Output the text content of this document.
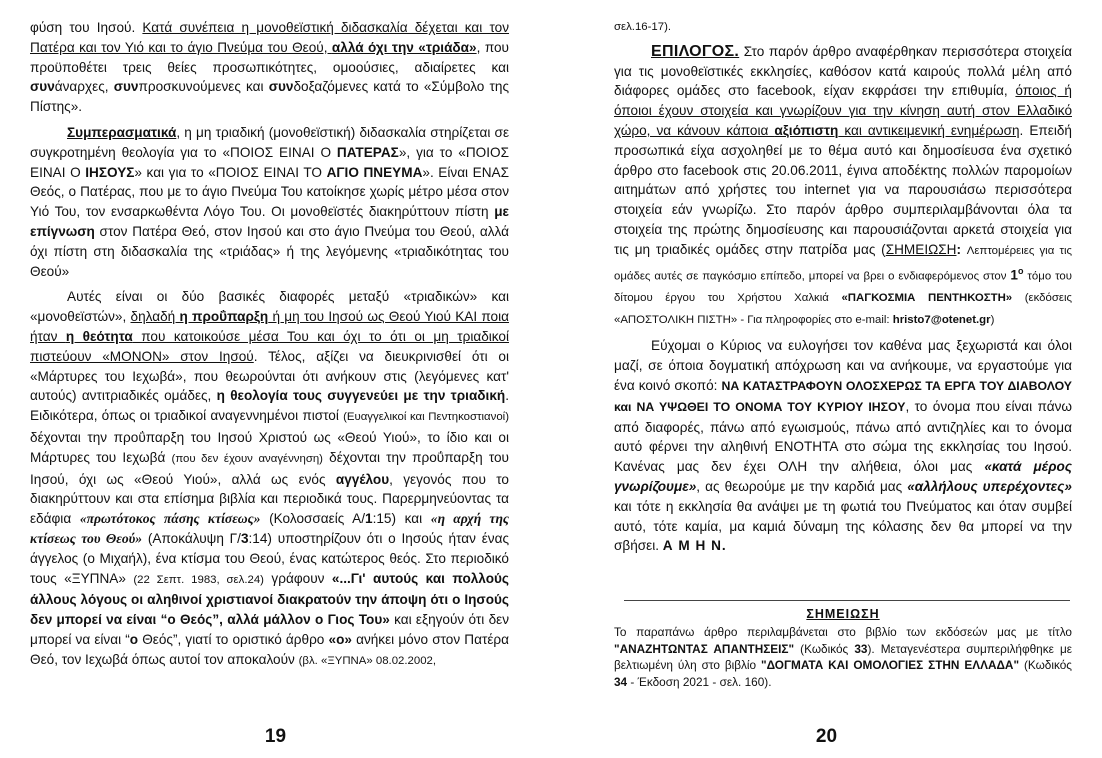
φύση του Ιησού. Κατά συνέπεια η μονοθεϊστική διδασκαλία δέχεται και τον Πατέρα και τον Υιό και το άγιο Πνεύμα του Θεού, αλλά όχι την «τριάδα», που προϋποθέτει τρεις θείες προσωπικότητες, ομοούσιες, αδιαίρετες και συνάναρχες, συνπροσκυνούμενες και συνδοξαζόμενες κατά το «Σύμβολο της Πίστης».

Συμπερασματικά, η μη τριαδική (μονοθεϊστική) διδασκαλία στηρίζεται σε συγκροτημένη θεολογία για το «ΠΟΙΟΣ ΕΙΝΑΙ Ο ΠΑΤΕΡΑΣ», για το «ΠΟΙΟΣ ΕΙΝΑΙ Ο ΙΗΣΟΥΣ» και για το «ΠΟΙΟΣ ΕΙΝΑΙ ΤΟ ΑΓΙΟ ΠΝΕΥΜΑ». Είναι ΕΝΑΣ Θεός, ο Πατέρας, που με το άγιο Πνεύμα Του κατοίκησε χωρίς μέτρο μέσα στον Υιό Του, τον ενσαρκωθέντα Λόγο Του. Οι μονοθεϊστές διακηρύττουν πίστη με επίγνωση στον Πατέρα Θεό, στον Ιησού και στο άγιο Πνεύμα του Θεού, αλλά όχι πίστη στη διδασκαλία της «τριάδας» ή της λεγόμενης «τριαδικότητας του Θεού»

Αυτές είναι οι δύο βασικές διαφορές μεταξύ «τριαδικών» και «μονοθεϊστών», δηλαδή η προΰπαρξη ή μη του Ιησού ως Θεού Υιού ΚΑΙ ποια ήταν η θεότητα που κατοικούσε μέσα Του και όχι το ότι οι μη τριαδικοί πιστεύουν «ΜΟΝΟΝ» στον Ιησού. Τέλος, αξίζει να διευκρινισθεί ότι οι «Μάρτυρες του Ιεχωβά», που θεωρούνται ότι ανήκουν στις (λεγόμενες κατ' αυτούς) αντιτριαδικές ομάδες, η θεολογία τους συγγενεύει με την τριαδική. Ειδικότερα, όπως οι τριαδικοί αναγεννημένοι πιστοί (Ευαγγελικοί και Πεντηκοστιανοί) δέχονται την προΰπαρξη του Ιησού Χριστού ως «Θεού Υιού», το ίδιο και οι Μάρτυρες του Ιεχωβά (που δεν έχουν αναγέννηση) δέχονται την προΰπαρξη του Ιησού, όχι ως «Θεού Υιού», αλλά ως ενός αγγέλου, γεγονός που το διακηρύττουν και στα επίσημα βιβλία και περιοδικά τους. Παρερμηνεύοντας τα εδάφια «πρωτότοκος πάσης κτίσεως» (Κολοσσαείς Α/1:15) και «η αρχή της κτίσεως του Θεού» (Αποκάλυψη Γ/3:14) υποστηρίζουν ότι ο Ιησούς ήταν ένας άγγελος (ο Μιχαήλ), ένα κτίσμα του Θεού, ένας κατώτερος θεός. Στο περιοδικό τους «ΞΥΠΝΑ» (22 Σεπτ. 1983, σελ.24) γράφουν «...Γι' αυτούς και πολλούς άλλους λόγους οι αληθινοί χριστιανοί διακρατούν την άποψη ότι ο Ιησούς δεν μπορεί να είναι “ο Θεός”, αλλά μάλλον ο Γιος Του» και εξηγούν ότι δεν μπορεί να είναι “ο Θεός”, γιατί το οριστικό άρθρο «ο» ανήκει μόνο στον Πατέρα Θεό, τον Ιεχωβά όπως αυτοί τον αποκαλούν (βλ. «ΞΥΠΝΑ» 08.02.2002,

19

σελ.16-17).

ΕΠΙΛΟΓΟΣ. Στο παρόν άρθρο αναφέρθηκαν περισσότερα στοιχεία για τις μονοθεϊστικές εκκλησίες, καθόσον κατά καιρούς πολλά μέλη από διάφορες ομάδες στο facebook, είχαν εκφράσει την επιθυμία, όποιος ή όποιοι έχουν στοιχεία και γνωρίζουν για την κίνηση αυτή στον Ελλαδικό χώρο, να κάνουν κάποια αξιόπιστη και αντικειμενική ενημέρωση. Επειδή προσωπικά είχα ασχοληθεί με το θέμα αυτό και δημοσίευσα ένα σχετικό άρθρο στο facebook στις 20.06.2011, έγινα αποδέκτης πολλών παρομοίων αιτημάτων από χρήστες του internet για να παρουσιάσω περισσότερα στοιχεία εάν γνωρίζω. Στο παρόν άρθρο συμπεριλαμβάνονται όλα τα στοιχεία της πρώτης δημοσίευσης και παρουσιάζονται αρκετά στοιχεία για τις μη τριαδικές ομάδες στην πατρίδα μας (ΣΗΜΕΙΩΣΗ: Λεπτομέρειες για τις ομάδες αυτές σε παγκόσμιο επίπεδο, μπορεί να βρει ο ενδιαφερόμενος στον $1^o$ τόμο του δίτομου έργου του Χρήστου Χαλκιά «ΠΑΓΚΟΣΜΙΑ ΠΕΝΤΗΚΟΣΤΗ» (εκδόσεις «ΑΠΟΣΤΟΛΙΚΗ ΠΙΣΤΗ» - Για πληροφορίες στο e-mail: hristo7@otenet.gr)

Εύχομαι ο Κύριος να ευλογήσει τον καθένα μας ξεχωριστά και όλοι μαζί, σε όποια δογματική απόχρωση και να ανήκουμε, να εργαστούμε για ένα κοινό σκοπό: ΝΑ ΚΑΤΑΣΤΡΑΦΟΥΝ ΟΛΟΣΧΕΡΩΣ ΤΑ ΕΡΓΑ ΤΟΥ ΔΙΑΒΟΛΟΥ και ΝΑ ΥΨΩΘΕΙ ΤΟ ΟΝΟΜΑ ΤΟΥ ΚΥΡΙΟΥ ΙΗΣΟΥ, το όνομα που είναι πάνω από διαφορές, πάνω από εγωισμούς, πάνω από αντιζηλίες και το όνομα αυτό φέρνει την αληθινή ΕΝΟΤΗΤΑ στο σώμα της εκκλησίας του Ιησού. Κανένας μας δεν έχει ΟΛΗ την αλήθεια, όλοι μας «κατά μέρος γνωρίζουμε», ας θεωρούμε με την καρδιά μας «αλλήλους υπερέχοντες» και τότε η εκκλησία θα ανάψει με τη φωτιά του Πνεύματος και όταν συμβεί αυτό, τότε καμία, μα καμιά δύναμη της κόλασης δεν θα μπορεί να την σβήσει. Α Μ Η Ν.

ΣΗΜΕΙΩΣΗ
Το παραπάνω άρθρο περιλαμβάνεται στο βιβλίο των εκδόσεών μας με τίτλο "ΑΝΑΖΗΤΩΝΤΑΣ ΑΠΑΝΤΗΣΕΙΣ" (Κωδικός 33). Μεταγενέστερα συμπεριλήφθηκε με βελτιωμένη ύλη στο βιβλίο "ΔΟΓΜΑΤΑ ΚΑΙ ΟΜΟΛΟΓΙΕΣ ΣΤΗΝ ΕΛΛΑΔΑ" (Κωδικός 34 - Έκδοση 2021 - σελ. 160).
20
